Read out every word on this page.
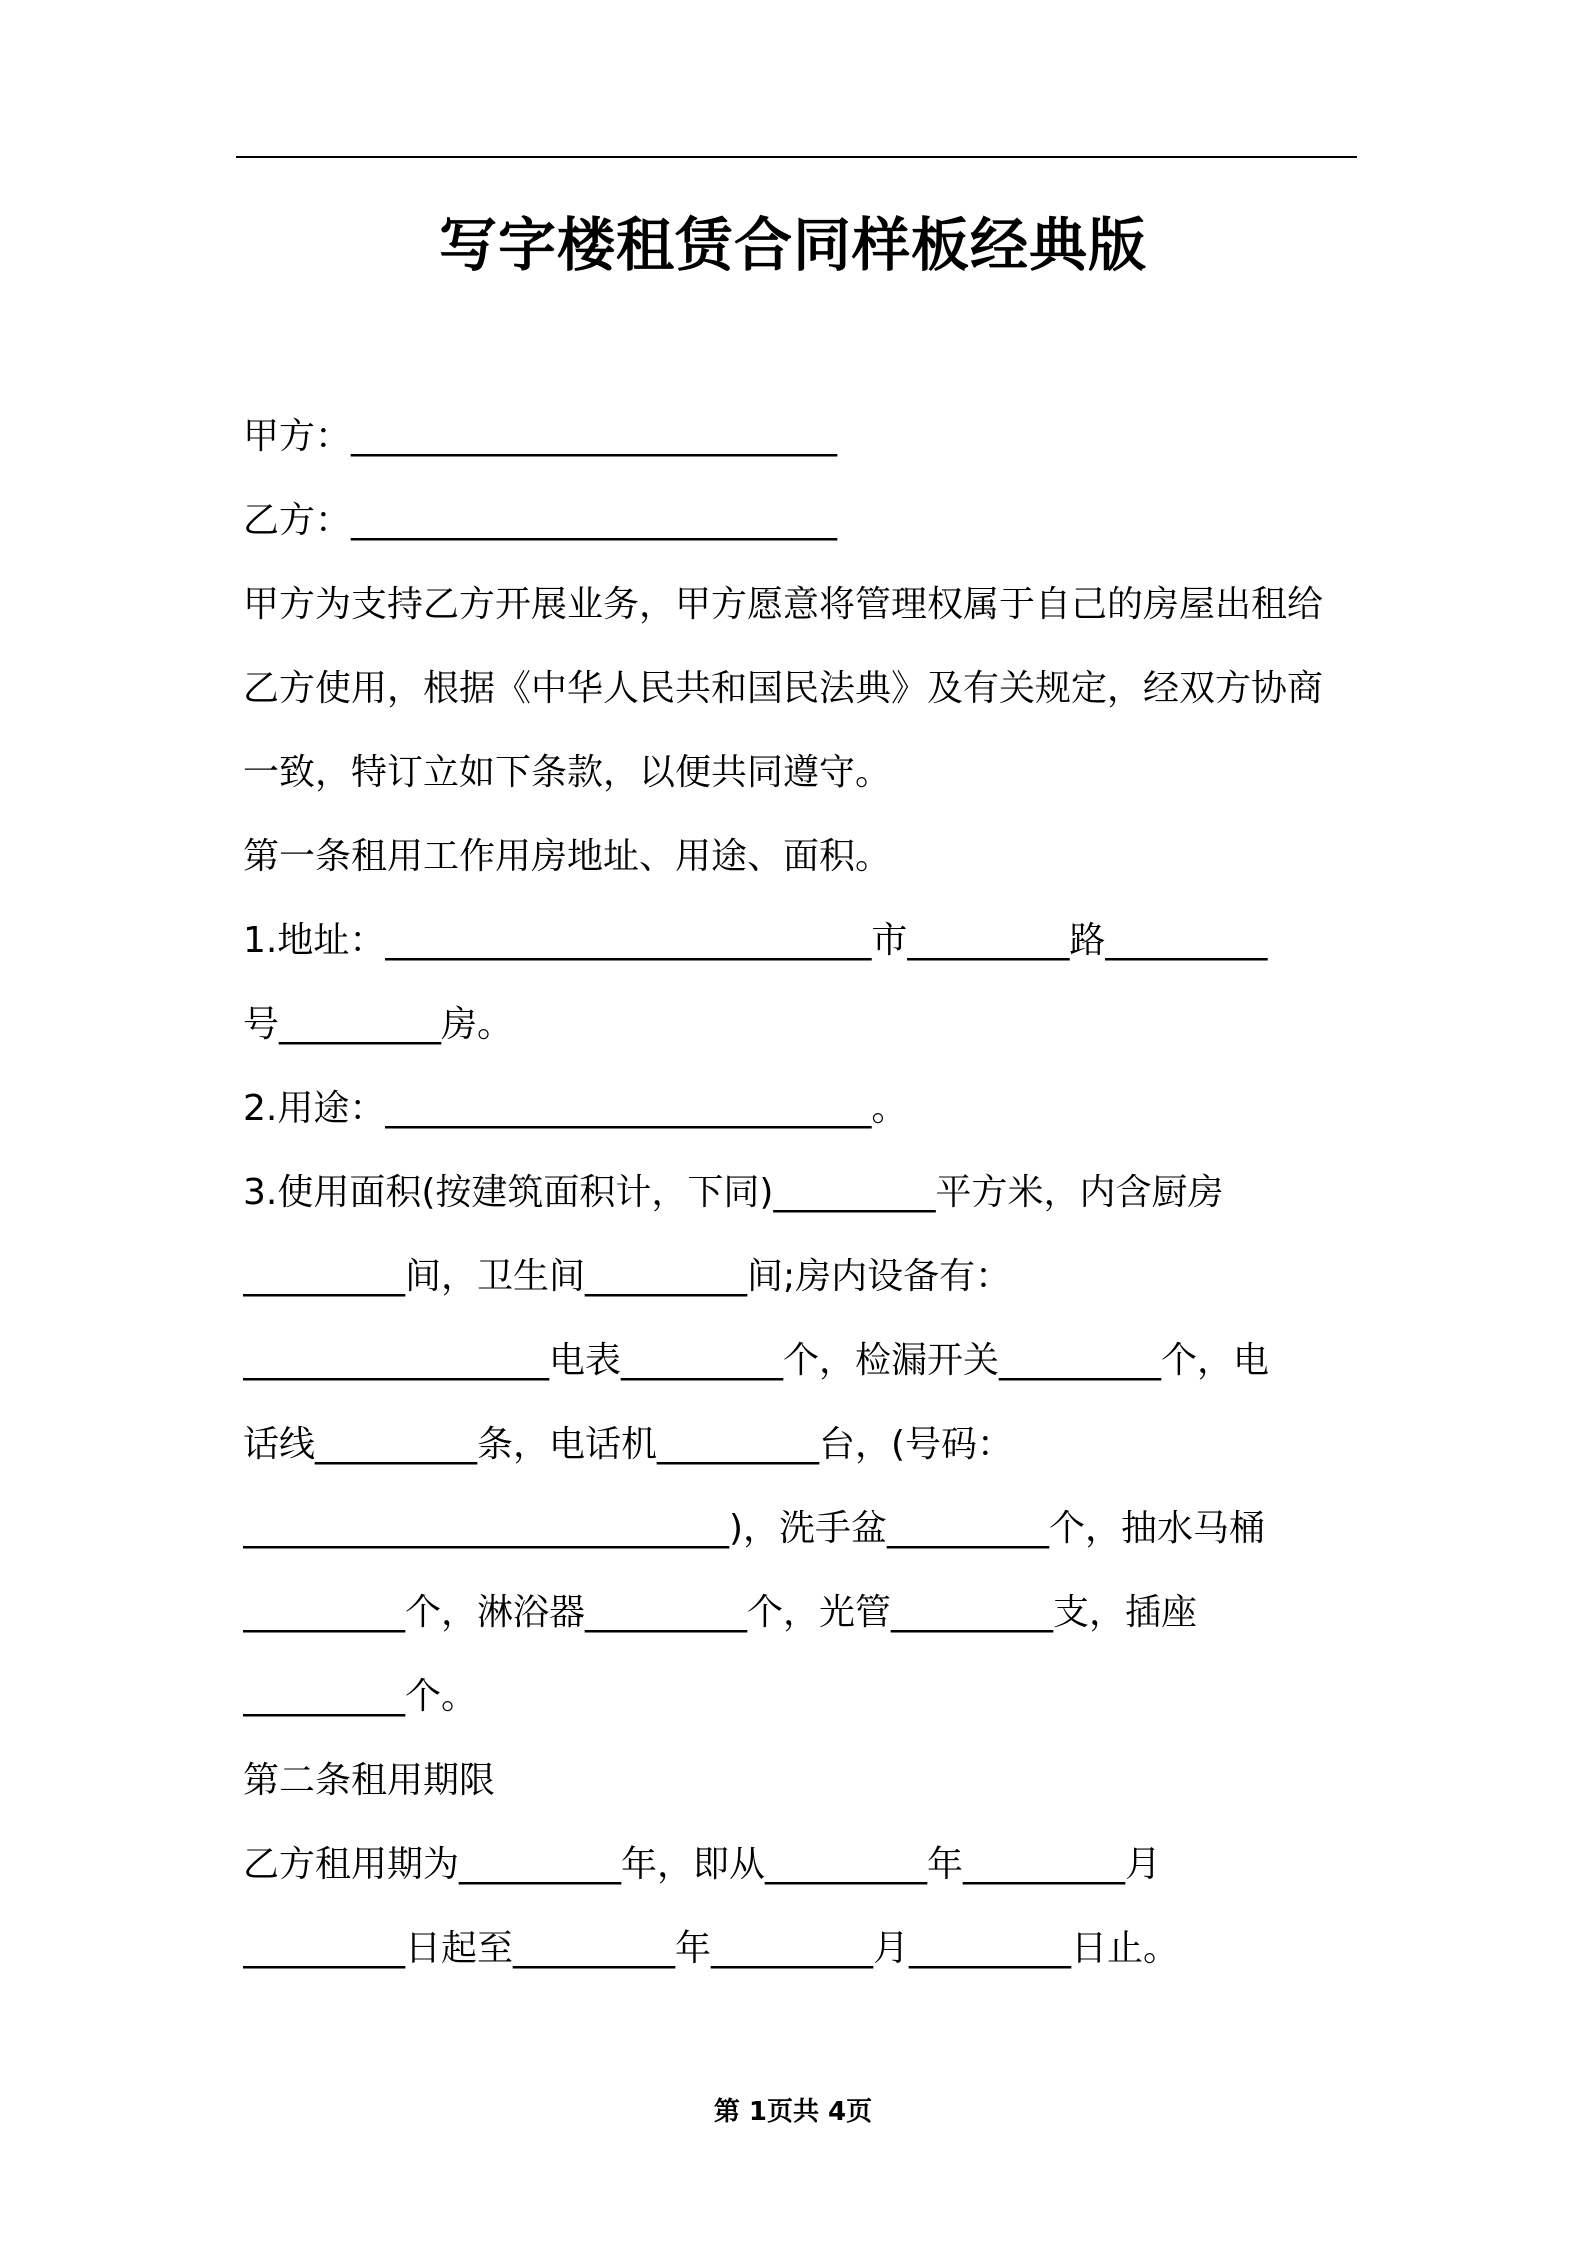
写字楼租赁合同样板经典版
甲方：___________________________
乙方：___________________________
甲方为支持乙方开展业务，甲方愿意将管理权属于自己的房屋出租给
乙方使用，根据《中华人民共和国民法典》及有关规定，经双方协商
一致，特订立如下条款，以便共同遵守。
第一条租用工作用房地址、用途、面积。
1.地址：___________________________市_________路_________
号_________房。
2.用途：___________________________。
3.使用面积(按建筑面积计，下同)_________平方米，内含厨房
_________间，卫生间_________间;房内设备有：
_________________电表_________个，检漏开关_________个，电
话线_________条，电话机_________台，(号码：
___________________________)，洗手盆_________个，抽水马桶
_________个，淋浴器_________个，光管_________支，插座
_________个。
第二条租用期限
乙方租用期为_________年，即从_________年_________月
_________日起至_________年_________月_________日止。
第 1页共 4页
